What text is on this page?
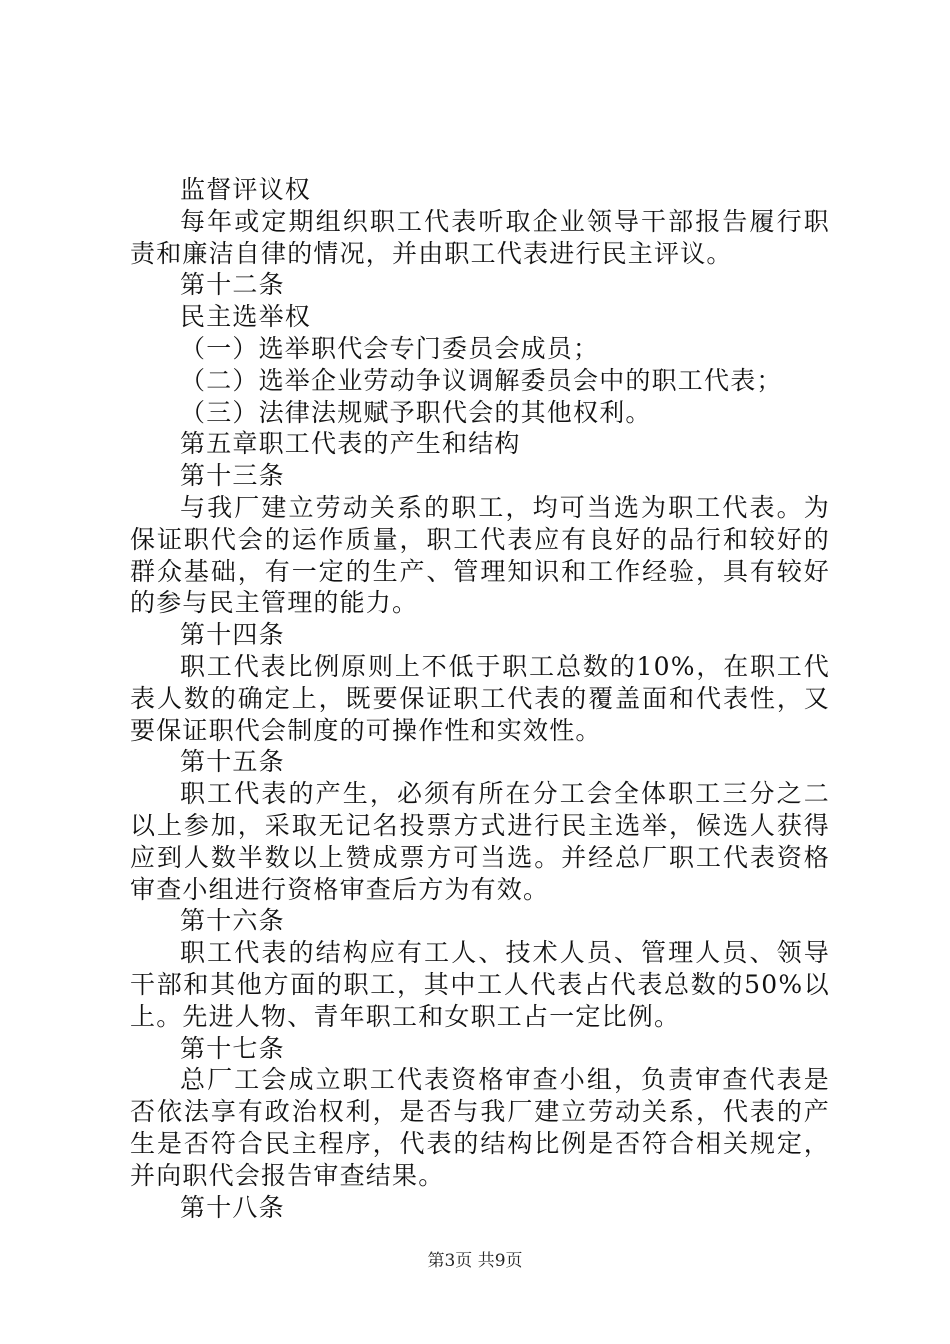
监督评议权

每年或定期组织职工代表听取企业领导干部报告履行职责和廉洁自律的情况，并由职工代表进行民主评议。

第十二条

民主选举权

（一）选举职代会专门委员会成员；

（二）选举企业劳动争议调解委员会中的职工代表；

（三）法律法规赋予职代会的其他权利。

第五章职工代表的产生和结构

第十三条

与我厂建立劳动关系的职工，均可当选为职工代表。为保证职代会的运作质量，职工代表应有良好的品行和较好的群众基础，有一定的生产、管理知识和工作经验，具有较好的参与民主管理的能力。

第十四条

职工代表比例原则上不低于职工总数的10%，在职工代表人数的确定上，既要保证职工代表的覆盖面和代表性，又要保证职代会制度的可操作性和实效性。

第十五条

职工代表的产生，必须有所在分工会全体职工三分之二以上参加，采取无记名投票方式进行民主选举，候选人获得应到人数半数以上赞成票方可当选。并经总厂职工代表资格审查小组进行资格审查后方为有效。

第十六条

职工代表的结构应有工人、技术人员、管理人员、领导干部和其他方面的职工，其中工人代表占代表总数的50%以上。先进人物、青年职工和女职工占一定比例。

第十七条

总厂工会成立职工代表资格审查小组，负责审查代表是否依法享有政治权利，是否与我厂建立劳动关系，代表的产生是否符合民主程序，代表的结构比例是否符合相关规定，并向职代会报告审查结果。

第十八条

第3页 共9页
